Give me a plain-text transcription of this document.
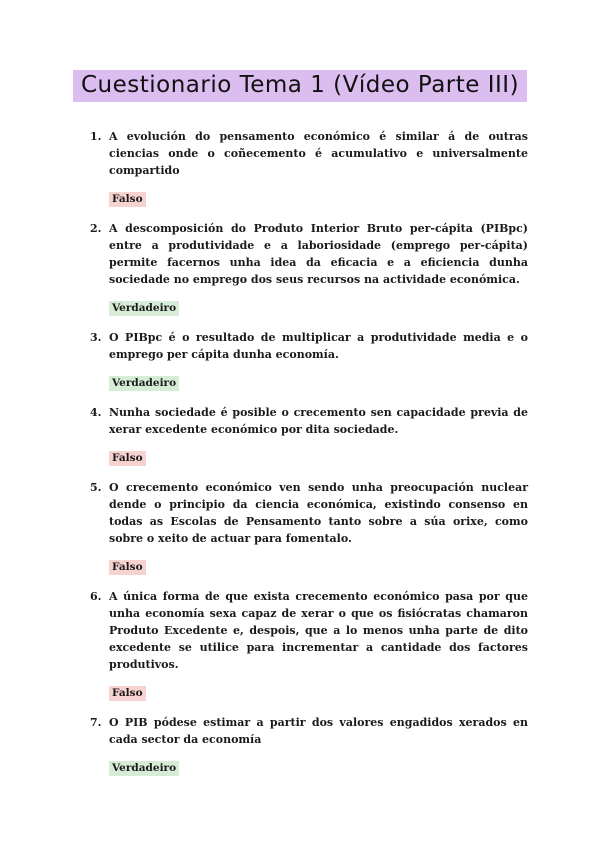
Cuestionario Tema 1 (Vídeo Parte III)
1. A evolución do pensamento económico é similar á de outras ciencias onde o coñecemento é acumulativo e universalmente compartido
Falso
2. A descomposición do Produto Interior Bruto per-cápita (PIBpc) entre a produtividade e a laboriosidade (emprego per-cápita) permite facernos unha idea da eficacia e a eficiencia dunha sociedade no emprego dos seus recursos na actividade económica.
Verdadeiro
3. O PIBpc é o resultado de multiplicar a produtividade media e o emprego per cápita dunha economía.
Verdadeiro
4. Nunha sociedade é posible o crecemento sen capacidade previa de xerar excedente económico por dita sociedade.
Falso
5. O crecemento económico ven sendo unha preocupación nuclear dende o principio da ciencia económica, existindo consenso en todas as Escolas de Pensamento tanto sobre a súa orixe, como sobre o xeito de actuar para fomentalo.
Falso
6. A única forma de que exista crecemento económico pasa por que unha economía sexa capaz de xerar o que os fisiócratas chamaron Produto Excedente e, despois, que a lo menos unha parte de dito excedente se utilice para incrementar a cantidade dos factores produtivos.
Falso
7. O PIB pódese estimar a partir dos valores engadidos xerados en cada sector da economía
Verdadeiro
